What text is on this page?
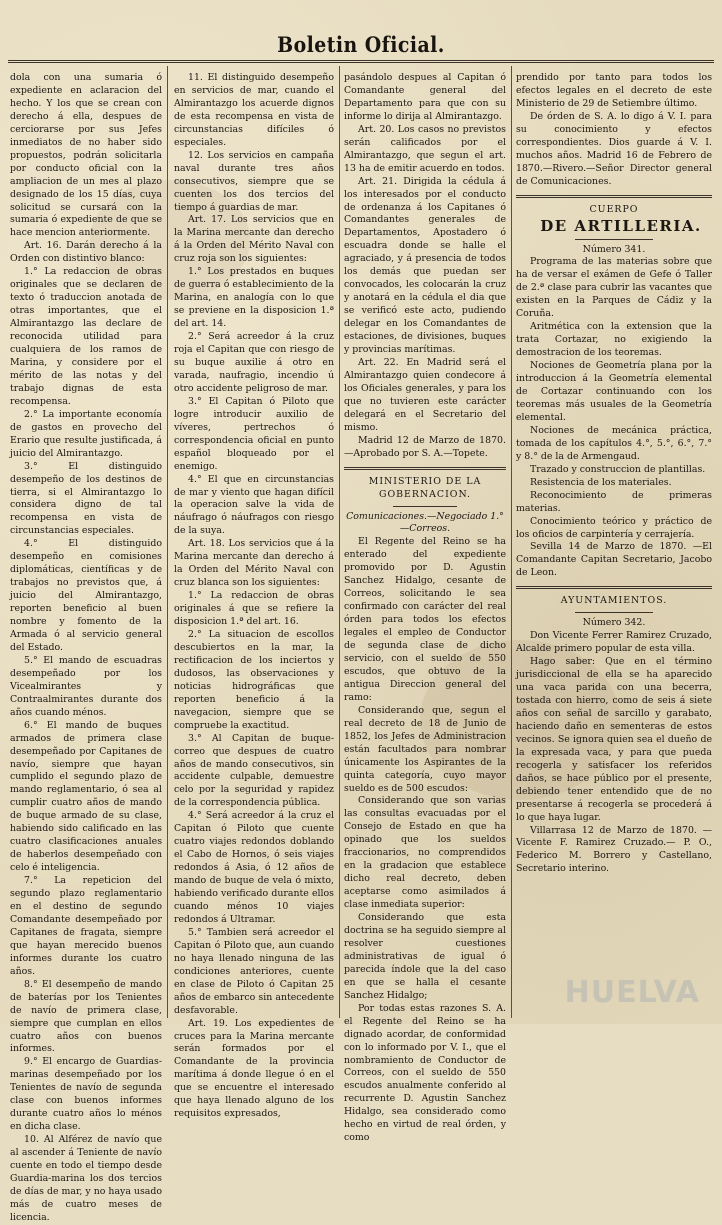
Boletin Oficial.

dola con una sumaria ó expediente en aclaracion del hecho. Y los que se crean con derecho á ella, despues de cerciorarse por sus Jefes inmediatos de no haber sido propuestos, podrán solicitarla por conducto oficial con la ampliacion de un mes al plazo designado de los 15 días, cuya solicitud se cursará con la sumaria ó expediente de que se hace mencion anteriormente.

Art. 16. Darán derecho á la Orden con distintivo blanco:

1.° La redaccion de obras originales que se declaren de texto ó traduccion anotada de otras importantes, que el Almirantazgo las declare de reconocida utilidad para cualquiera de los ramos de Marina, y considere por el mérito de las notas y del trabajo dignas de esta recompensa.

2.° La importante economía de gastos en provecho del Erario que resulte justificada, á juicio del Almirantazgo.

3.° El distinguido desempeño de los destinos de tierra, si el Almirantazgo lo considera digno de tal recompensa en vista de circunstancias especiales.

4.° El distinguido desempeño en comisiones diplomáticas, científicas y de trabajos no previstos que, á juicio del Almirantazgo, reporten beneficio al buen nombre y fomento de la Armada ó al servicio general del Estado.

5.° El mando de escuadras desempeñado por los Vicealmirantes y Contraalmirantes durante dos años cuando ménos.

6.° El mando de buques armados de primera clase desempeñado por Capitanes de navío, siempre que hayan cumplido el segundo plazo de mando reglamentario, ó sea al cumplir cuatro años de mando de buque armado de su clase, habiendo sido calificado en las cuatro clasificaciones anuales de haberlos desempeñado con celo é inteligencia.

7.° La repeticion del segundo plazo reglamentario en el destino de segundo Comandante desempeñado por Capitanes de fragata, siempre que hayan merecido buenos informes durante los cuatro años.

8.° El desempeño de mando de baterías por los Tenientes de navío de primera clase, siempre que cumplan en ellos cuatro años con buenos informes.

9.° El encargo de Guardias-marinas desempeñado por los Tenientes de navío de segunda clase con buenos informes durante cuatro años lo ménos en dicha clase.

10. Al Alférez de navío que al ascender á Teniente de navío cuente en todo el tiempo desde Guardia-marina los dos tercios de días de mar, y no haya usado más de cuatro meses de licencia.

11. El distinguido desempeño en servicios de mar, cuando el Almirantazgo los acuerde dignos de esta recompensa en vista de circunstancias difíciles ó especiales.

12. Los servicios en campaña naval durante tres años consecutivos, siempre que se cuenten los dos tercios del tiempo á guardias de mar.

Art. 17. Los servicios que en la Marina mercante dan derecho á la Orden del Mérito Naval con cruz roja son los siguientes:

1.° Los prestados en buques de guerra ó establecimiento de la Marina, en analogía con lo que se previene en la disposicion 1.ª del art. 14.

2.° Será acreedor á la cruz roja el Capitan que con riesgo de su buque auxilie á otro en varada, naufragio, incendio ú otro accidente peligroso de mar.

3.° El Capitan ó Piloto que logre introducir auxilio de víveres, pertrechos ó correspondencia oficial en punto español bloqueado por el enemigo.

4.° El que en circunstancias de mar y viento que hagan difícil la operacion salve la vida de náufrago ó náufragos con riesgo de la suya.

Art. 18. Los servicios que á la Marina mercante dan derecho á la Orden del Mérito Naval con cruz blanca son los siguientes:

1.° La redaccion de obras originales á que se refiere la disposicion 1.ª del art. 16.

2.° La situacion de escollos descubiertos en la mar, la rectificacion de los inciertos y dudosos, las observaciones y noticias hidrográficas que reporten beneficio á la navegacion, siempre que se compruebe la exactitud.

3.° Al Capitan de buque-correo que despues de cuatro años de mando consecutivos, sin accidente culpable, demuestre celo por la seguridad y rapidez de la correspondencia pública.

4.° Será acreedor á la cruz el Capitan ó Piloto que cuente cuatro viajes redondos doblando el Cabo de Hornos, ó seis viajes redondos á Asia, ó 12 años de mando de buque de vela ó mixto, habiendo verificado durante ellos cuando ménos 10 viajes redondos á Ultramar.

5.° Tambien será acreedor el Capitan ó Piloto que, aun cuando no haya llenado ninguna de las condiciones anteriores, cuente en clase de Piloto ó Capitan 25 años de embarco sin antecedente desfavorable.

Art. 19. Los expedientes de cruces para la Marina mercante serán formados por el Comandante de la provincia marítima á donde llegue ó en el que se encuentre el interesado que haya llenado alguno de los requisitos expresados,

pasándolo despues al Capitan ó Comandante general del Departamento para que con su informe lo dirija al Almirantazgo.

Art. 20. Los casos no previstos serán calificados por el Almirantazgo, que segun el art. 13 ha de emitir acuerdo en todos.

Art. 21. Dirigida la cédula á los interesados por el conducto de ordenanza á los Capitanes ó Comandantes generales de Departamentos, Apostadero ó escuadra donde se halle el agraciado, y á presencia de todos los demás que puedan ser convocados, les colocarán la cruz y anotará en la cédula el dia que se verificó este acto, pudiendo delegar en los Comandantes de estaciones, de divisiones, buques y provincias marítimas.

Art. 22. En Madrid será el Almirantazgo quien condecore á los Oficiales generales, y para los que no tuvieren este carácter delegará en el Secretario del mismo.

Madrid 12 de Marzo de 1870. —Aprobado por S. A.—Topete.

MINISTERIO DE LA GOBERNACION.

Comunicaciones.—Negociado 1.°—Correos.

El Regente del Reino se ha enterado del expediente promovido por D. Agustin Sanchez Hidalgo, cesante de Correos, solicitando le sea confirmado con carácter del real órden para todos los efectos legales el empleo de Conductor de segunda clase de dicho servicio, con el sueldo de 550 escudos, que obtuvo de la antigua Direccion general del ramo:

Considerando que, segun el real decreto de 18 de Junio de 1852, los Jefes de Administracion están facultados para nombrar únicamente los Aspirantes de la quinta categoría, cuyo mayor sueldo es de 500 escudos:

Considerando que son varias las consultas evacuadas por el Consejo de Estado en que ha opinado que los sueldos fraccionarios, no comprendidos en la gradacion que establece dicho real decreto, deben aceptarse como asimilados á clase inmediata superior:

Considerando que esta doctrina se ha seguido siempre al resolver cuestiones administrativas de igual ó parecida índole que la del caso en que se halla el cesante Sanchez Hidalgo;

Por todas estas razones S. A. el Regente del Reino se ha dignado acordar, de conformidad con lo informado por V. I., que el nombramiento de Conductor de Correos, con el sueldo de 550 escudos anualmente conferido al recurrente D. Agustin Sanchez Hidalgo, sea considerado como hecho en virtud de real órden, y como

prendido por tanto para todos los efectos legales en el decreto de este Ministerio de 29 de Setiembre último.

De órden de S. A. lo digo á V. I. para su conocimiento y efectos correspondientes. Dios guarde á V. I. muchos años. Madrid 16 de Febrero de 1870.—Rivero.—Señor Director general de Comunicaciones.

CUERPO

DE ARTILLERIA.

Número 341.

Programa de las materias sobre que ha de versar el exámen de Gefe ó Taller de 2.ª clase para cubrir las vacantes que existen en la Parques de Cádiz y la Coruña.

Aritmética con la extension que la trata Cortazar, no exigiendo la demostracion de los teoremas.

Nociones de Geometría plana por la introduccion á la Geometría elemental de Cortazar continuando con los teoremas más usuales de la Geometría elemental.

Nociones de mecánica práctica, tomada de los capítulos 4.°, 5.°, 6.°, 7.° y 8.° de la de Armengaud.

Trazado y construccion de plantillas.

Resistencia de los materiales.

Reconocimiento de primeras materias.

Conocimiento teórico y práctico de los oficios de carpintería y cerrajería.

Sevilla 14 de Marzo de 1870. —El Comandante Capitan Secretario, Jacobo de Leon.

AYUNTAMIENTOS.

Número 342.

Don Vicente Ferrer Ramirez Cruzado, Alcalde primero popular de esta villa.

Hago saber: Que en el término jurisdiccional de ella se ha aparecido una vaca parida con una becerra, tostada con hierro, como de seis á siete años con señal de sarcillo y garabato, haciendo daño en sementeras de estos vecinos. Se ignora quien sea el dueño de la expresada vaca, y para que pueda recogerla y satisfacer los referidos daños, se hace público por el presente, debiendo tener entendido que de no presentarse á recogerla se procederá á lo que haya lugar.

Villarrasa 12 de Marzo de 1870. —Vicente F. Ramirez Cruzado.— P. O., Federico M. Borrero y Castellano, Secretario interino.

HUELVA
